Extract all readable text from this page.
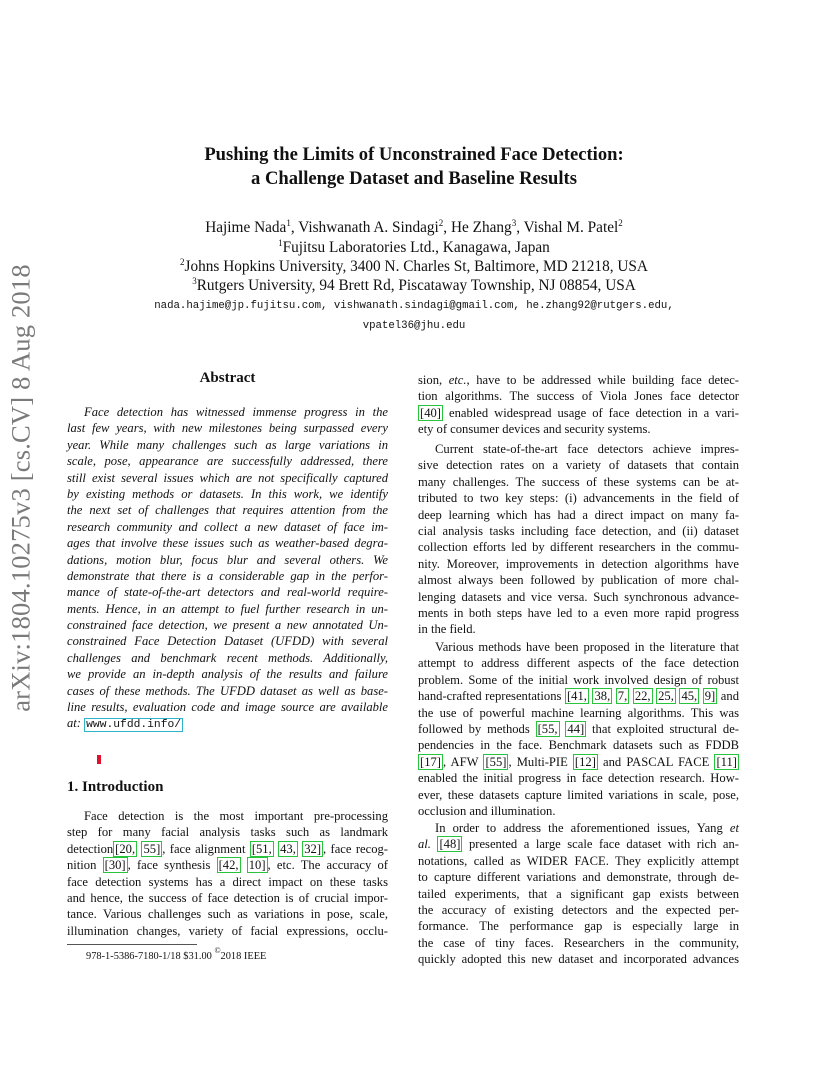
arXiv:1804.10275v3 [cs.CV] 8 Aug 2018
Pushing the Limits of Unconstrained Face Detection:
a Challenge Dataset and Baseline Results
Hajime Nada$^1$, Vishwanath A. Sindagi$^2$, He Zhang$^3$, Vishal M. Patel$^2$
$^1$Fujitsu Laboratories Ltd., Kanagawa, Japan
$^2$Johns Hopkins University, 3400 N. Charles St, Baltimore, MD 21218, USA
$^3$Rutgers University, 94 Brett Rd, Piscataway Township, NJ 08854, USA
nada.hajime@jp.fujitsu.com, vishwanath.sindagi@gmail.com, he.zhang92@rutgers.edu,
vpatel36@jhu.edu
Abstract
Face detection has witnessed immense progress in the
last few years, with new milestones being surpassed every
year. While many challenges such as large variations in
scale, pose, appearance are successfully addressed, there
still exist several issues which are not specifically captured
by existing methods or datasets. In this work, we identify
the next set of challenges that requires attention from the
research community and collect a new dataset of face im-
ages that involve these issues such as weather-based degra-
dations, motion blur, focus blur and several others. We
demonstrate that there is a considerable gap in the perfor-
mance of state-of-the-art detectors and real-world require-
ments. Hence, in an attempt to fuel further research in un-
constrained face detection, we present a new annotated Un-
constrained Face Detection Dataset (UFDD) with several
challenges and benchmark recent methods. Additionally,
we provide an in-depth analysis of the results and failure
cases of these methods. The UFDD dataset as well as base-
line results, evaluation code and image source are available
at: www.ufdd.info/
1. Introduction
Face detection is the most important pre-processing
step for many facial analysis tasks such as landmark
detection [20, 55] , face alignment [51, 43, 32] , face recog-
nition [30] , face synthesis [42, 10] , etc. The accuracy of
face detection systems has a direct impact on these tasks
and hence, the success of face detection is of crucial impor-
tance. Various challenges such as variations in pose, scale,
illumination changes, variety of facial expressions, occlu-
978-1-5386-7180-1/18 $31.00 ©2018 IEEE
sion, etc., have to be addressed while building face detec-
tion algorithms. The success of Viola Jones face detector
[40] enabled widespread usage of face detection in a vari-
ety of consumer devices and security systems.
Current state-of-the-art face detectors achieve impres-
sive detection rates on a variety of datasets that contain
many challenges. The success of these systems can be at-
tributed to two key steps: (i) advancements in the field of
deep learning which has had a direct impact on many fa-
cial analysis tasks including face detection, and (ii) dataset
collection efforts led by different researchers in the commu-
nity. Moreover, improvements in detection algorithms have
almost always been followed by publication of more chal-
lenging datasets and vice versa. Such synchronous advance-
ments in both steps have led to a even more rapid progress
in the field.
Various methods have been proposed in the literature that
attempt to address different aspects of the face detection
problem. Some of the initial work involved design of robust
hand-crafted representations [41, 38, 7, 22, 25, 45, 9] and
the use of powerful machine learning algorithms. This was
followed by methods [55, 44] that exploited structural de-
pendencies in the face. Benchmark datasets such as FDDB
[17] , AFW [55] , Multi-PIE [12] and PASCAL FACE [11]
enabled the initial progress in face detection research. How-
ever, these datasets capture limited variations in scale, pose,
occlusion and illumination.
In order to address the aforementioned issues, Yang et
al. [48] presented a large scale face dataset with rich an-
notations, called as WIDER FACE. They explicitly attempt
to capture different variations and demonstrate, through de-
tailed experiments, that a significant gap exists between
the accuracy of existing detectors and the expected per-
formance. The performance gap is especially large in
the case of tiny faces. Researchers in the community,
quickly adopted this new dataset and incorporated advances
